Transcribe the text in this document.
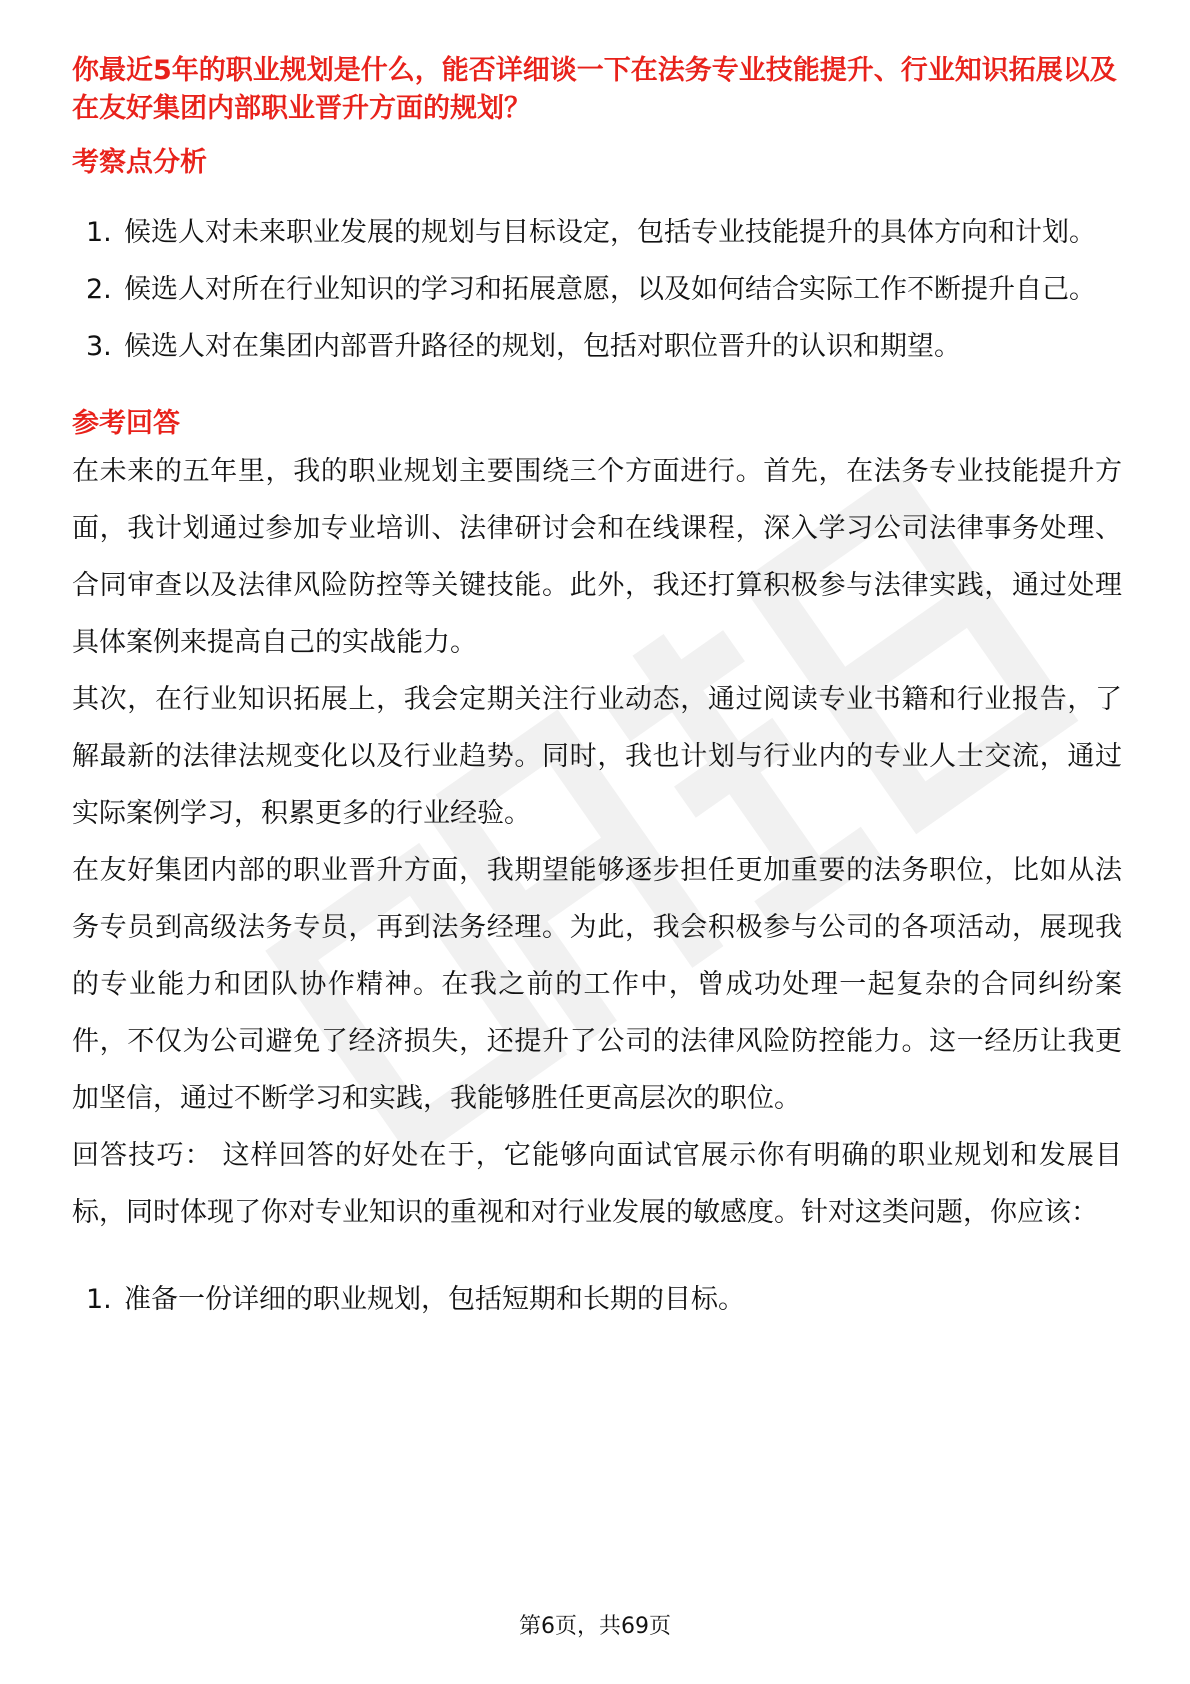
你最近5年的职业规划是什么，能否详细谈一下在法务专业技能提升、行业知识拓展以及在友好集团内部职业晋升方面的规划？

考察点分析

1. 候选人对未来职业发展的规划与目标设定，包括专业技能提升的具体方向和计划。
2. 候选人对所在行业知识的学习和拓展意愿，以及如何结合实际工作不断提升自己。
3. 候选人对在集团内部晋升路径的规划，包括对职位晋升的认识和期望。

参考回答

在未来的五年里，我的职业规划主要围绕三个方面进行。首先，在法务专业技能提升方面，我计划通过参加专业培训、法律研讨会和在线课程，深入学习公司法律事务处理、合同审查以及法律风险防控等关键技能。此外，我还打算积极参与法律实践，通过处理具体案例来提高自己的实战能力。

其次，在行业知识拓展上，我会定期关注行业动态，通过阅读专业书籍和行业报告，了解最新的法律法规变化以及行业趋势。同时，我也计划与行业内的专业人士交流，通过实际案例学习，积累更多的行业经验。

在友好集团内部的职业晋升方面，我期望能够逐步担任更加重要的法务职位，比如从法务专员到高级法务专员，再到法务经理。为此，我会积极参与公司的各项活动，展现我的专业能力和团队协作精神。在我之前的工作中，曾成功处理一起复杂的合同纠纷案件，不仅为公司避免了经济损失，还提升了公司的法律风险防控能力。这一经历让我更加坚信，通过不断学习和实践，我能够胜任更高层次的职位。

回答技巧： 这样回答的好处在于，它能够向面试官展示你有明确的职业规划和发展目标，同时体现了你对专业知识的重视和对行业发展的敏感度。针对这类问题，你应该：

1. 准备一份详细的职业规划，包括短期和长期的目标。
第6页，共69页
